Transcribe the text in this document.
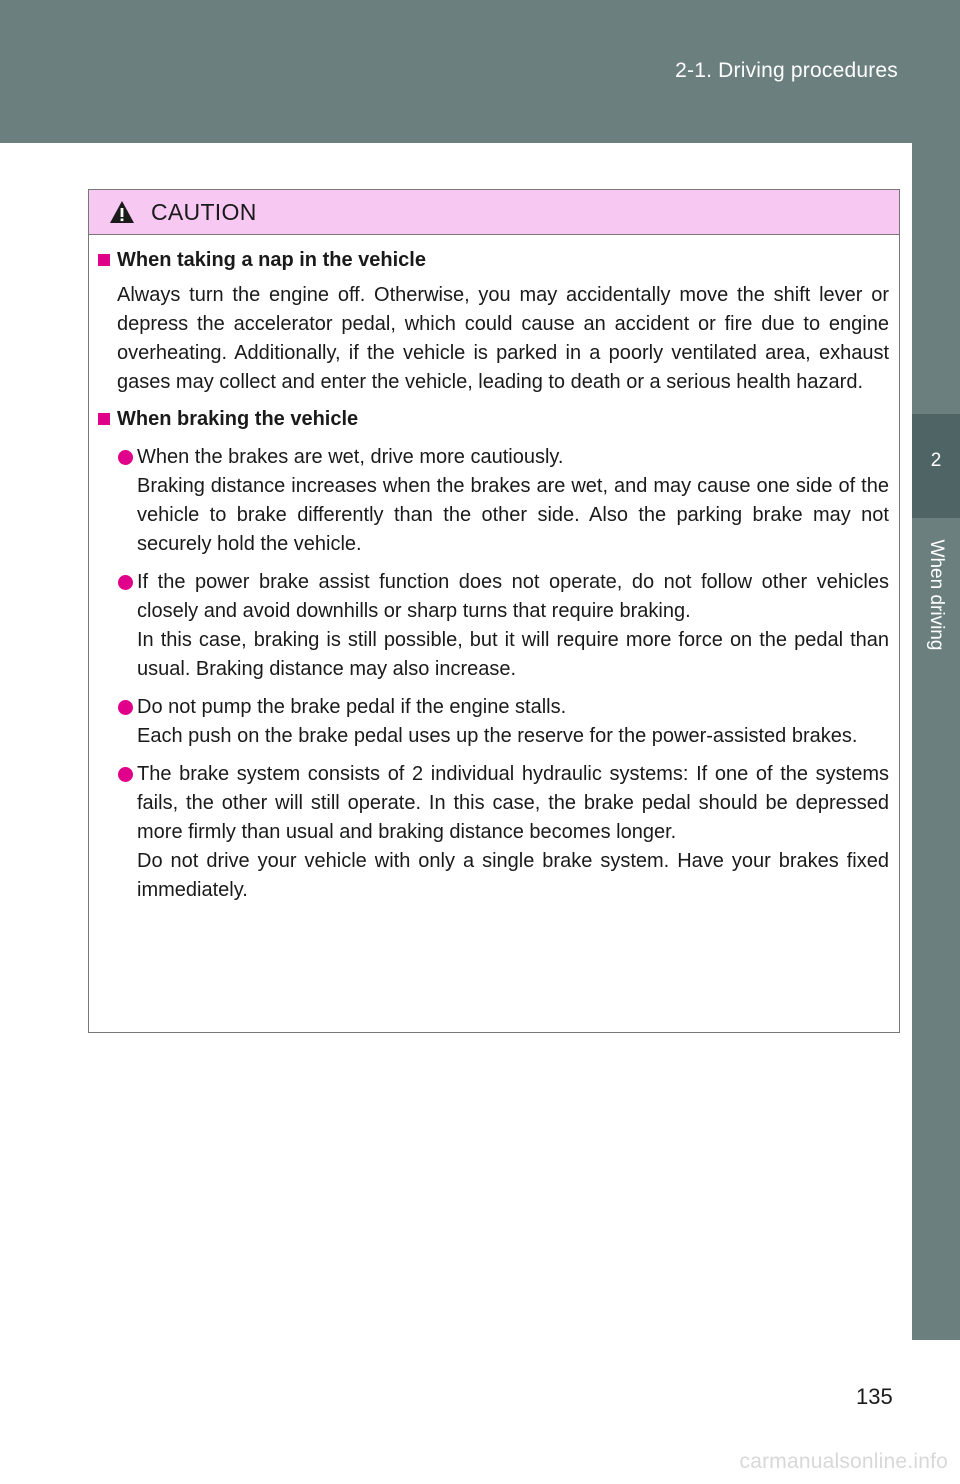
2-1. Driving procedures
2
When driving
CAUTION
When taking a nap in the vehicle
Always turn the engine off. Otherwise, you may accidentally move the shift lever or depress the accelerator pedal, which could cause an accident or fire due to engine overheating. Additionally, if the vehicle is parked in a poorly ventilated area, exhaust gases may collect and enter the vehicle, leading to death or a serious health hazard.
When braking the vehicle

When the brakes are wet, drive more cautiously.

Braking distance increases when the brakes are wet, and may cause one side of the vehicle to brake differently than the other side. Also the parking brake may not securely hold the vehicle.

If the power brake assist function does not operate, do not follow other vehicles closely and avoid downhills or sharp turns that require braking.

In this case, braking is still possible, but it will require more force on the pedal than usual. Braking distance may also increase.

Do not pump the brake pedal if the engine stalls.

Each push on the brake pedal uses up the reserve for the power-assisted brakes.

The brake system consists of 2 individual hydraulic systems: If one of the systems fails, the other will still operate. In this case, the brake pedal should be depressed more firmly than usual and braking distance becomes longer.

Do not drive your vehicle with only a single brake system. Have your brakes fixed immediately.

135
carmanualsonline.info
